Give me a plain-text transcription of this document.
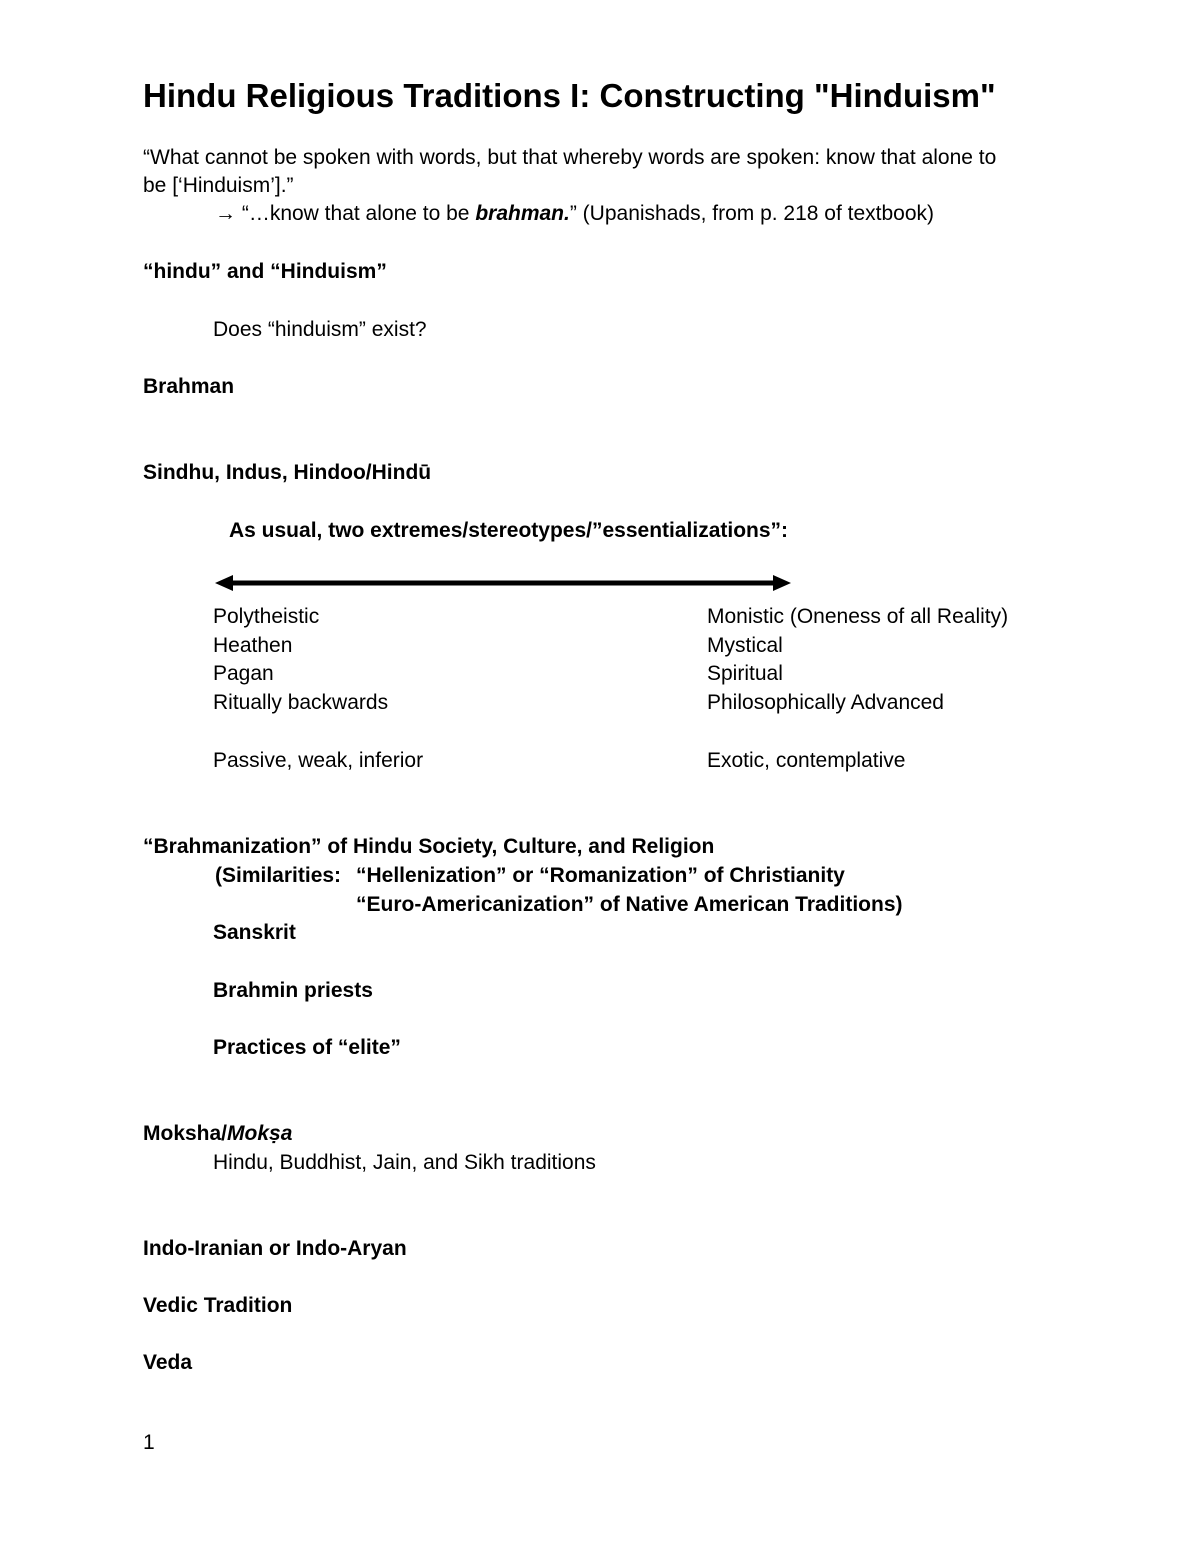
Hindu Religious Traditions I: Constructing "Hinduism"
“What cannot be spoken with words, but that whereby words are spoken: know that alone to
be [‘Hinduism’].”
→ “…know that alone to be brahman.” (Upanishads, from p. 218 of textbook)
“hindu” and “Hinduism”
Does “hinduism” exist?
Brahman
Sindhu, Indus, Hindoo/Hindū
As usual, two extremes/stereotypes/”essentializations”:
Polytheistic
Heathen
Pagan
Ritually backwards
Passive, weak, inferior
Monistic (Oneness of all Reality)
Mystical
Spiritual
Philosophically Advanced
Exotic, contemplative
“Brahmanization” of Hindu Society, Culture, and Religion
(Similarities: “Hellenization” or “Romanization” of Christianity
“Euro-Americanization” of Native American Traditions)
Sanskrit
Brahmin priests
Practices of “elite”
Moksha/Mokṣa
Hindu, Buddhist, Jain, and Sikh traditions
Indo-Iranian or Indo-Aryan
Vedic Tradition
Veda
1
